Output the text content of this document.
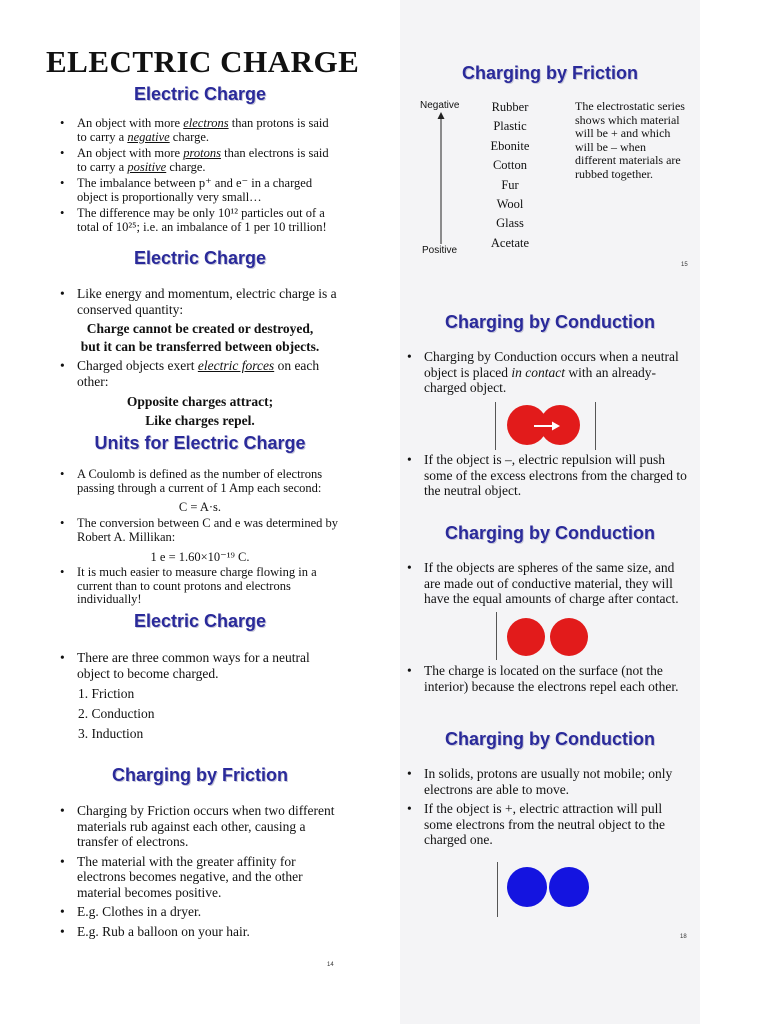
ELECTRIC CHARGE
Electric Charge
• An object with more electrons than protons is said to carry a negative charge.
• An object with more protons than electrons is said to carry a positive charge.
• The imbalance between p⁺ and e⁻ in a charged object is proportionally very small…
• The difference may be only 10¹² particles out of a total of 10²⁵; i.e. an imbalance of 1 per 10 trillion!
Electric Charge
• Like energy and momentum, electric charge is a conserved quantity:
Charge cannot be created or destroyed,
but it can be transferred between objects.
• Charged objects exert electric forces on each other:
Opposite charges attract;
Like charges repel.
Units for Electric Charge
• A Coulomb is defined as the number of electrons passing through a current of 1 Amp each second:
C = A·s.
• The conversion between C and e was determined by Robert A. Millikan:
1 e = 1.60×10⁻¹⁹ C.
• It is much easier to measure charge flowing in a current than to count protons and electrons individually!
Electric Charge
• There are three common ways for a neutral object to become charged.
1. Friction
2. Conduction
3. Induction
Charging by Friction
• Charging by Friction occurs when two different materials rub against each other, causing a transfer of electrons.
• The material with the greater affinity for electrons becomes negative, and the other material becomes positive.
• E.g. Clothes in a dryer.
• E.g. Rub a balloon on your hair.
14
Charging by Friction
Negative
Positive
Rubber
Plastic
Ebonite
Cotton
Fur
Wool
Glass
Acetate
The electrostatic series shows which material will be + and which will be – when different materials are rubbed together.
15
Charging by Conduction
• Charging by Conduction occurs when a neutral object is placed in contact with an already-charged object.
• If the object is –, electric repulsion will push some of the excess electrons from the charged to the neutral object.
Charging by Conduction
• If the objects are spheres of the same size, and are made out of conductive material, they will have the equal amounts of charge after contact.
• The charge is located on the surface (not the interior) because the electrons repel each other.
Charging by Conduction
• In solids, protons are usually not mobile; only electrons are able to move.
• If the object is +, electric attraction will pull some electrons from the neutral object to the charged one.
18
